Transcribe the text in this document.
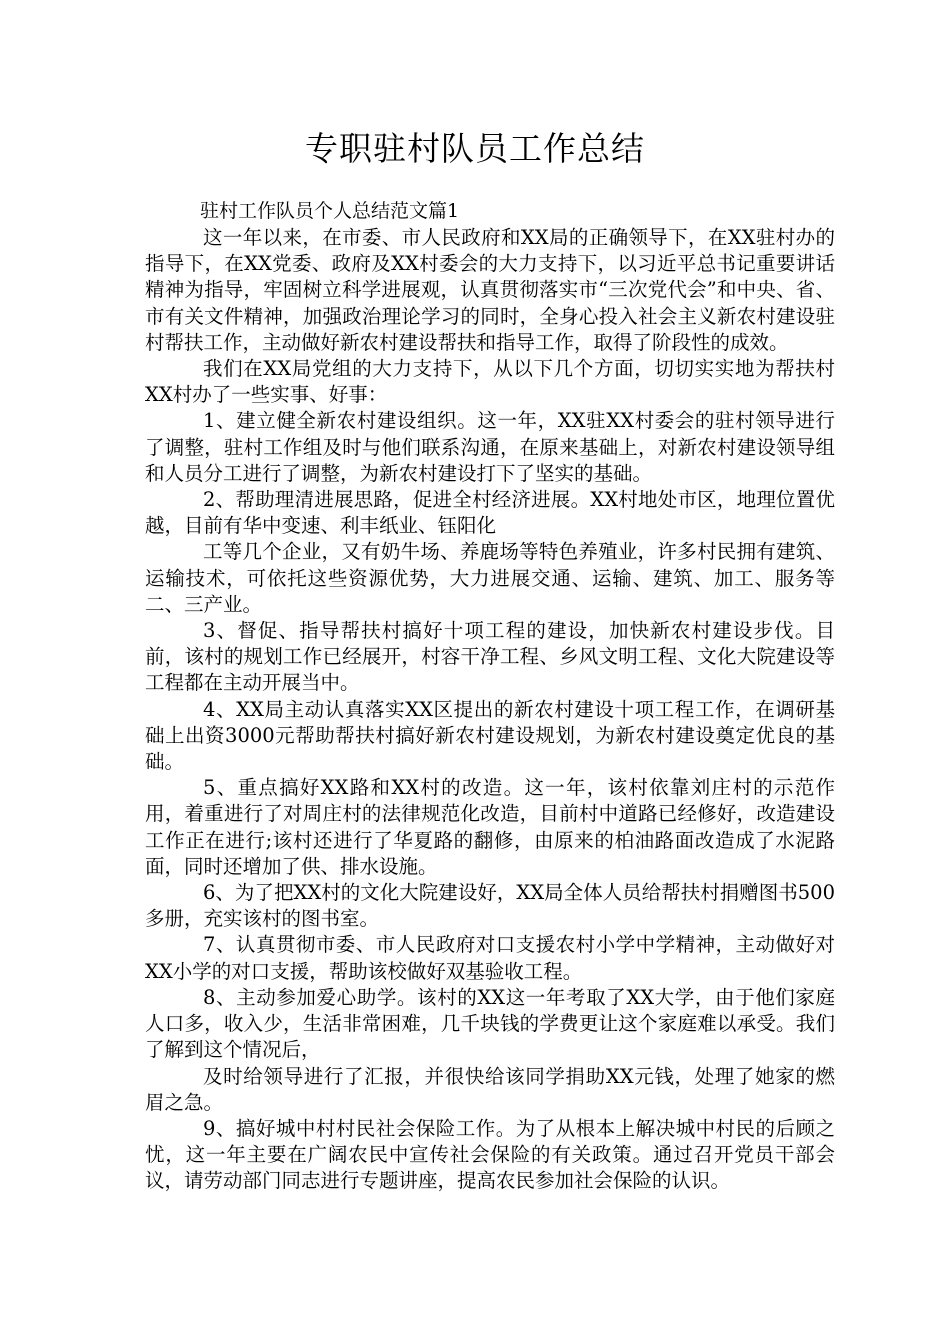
专职驻村队员工作总结

驻村工作队员个人总结范文篇1

这一年以来，在市委、市人民政府和XX局的正确领导下，在XX驻村办的指导下，在XX党委、政府及XX村委会的大力支持下，以习近平总书记重要讲话精神为指导，牢固树立科学进展观，认真贯彻落实市“三次党代会”和中央、省、市有关文件精神，加强政治理论学习的同时，全身心投入社会主义新农村建设驻村帮扶工作，主动做好新农村建设帮扶和指导工作，取得了阶段性的成效。

我们在XX局党组的大力支持下，从以下几个方面，切切实实地为帮扶村XX村办了一些实事、好事：

1、建立健全新农村建设组织。这一年，XX驻XX村委会的驻村领导进行了调整，驻村工作组及时与他们联系沟通，在原来基础上，对新农村建设领导组和人员分工进行了调整，为新农村建设打下了坚实的基础。

2、帮助理清进展思路，促进全村经济进展。XX村地处市区，地理位置优越，目前有华中变速、利丰纸业、钰阳化

工等几个企业，又有奶牛场、养鹿场等特色养殖业，许多村民拥有建筑、运输技术，可依托这些资源优势，大力进展交通、运输、建筑、加工、服务等二、三产业。

3、督促、指导帮扶村搞好十项工程的建设，加快新农村建设步伐。目前，该村的规划工作已经展开，村容干净工程、乡风文明工程、文化大院建设等工程都在主动开展当中。

4、XX局主动认真落实XX区提出的新农村建设十项工程工作，在调研基础上出资3000元帮助帮扶村搞好新农村建设规划，为新农村建设奠定优良的基础。

5、重点搞好XX路和XX村的改造。这一年，该村依靠刘庄村的示范作用，着重进行了对周庄村的法律规范化改造，目前村中道路已经修好，改造建设工作正在进行;该村还进行了华夏路的翻修，由原来的柏油路面改造成了水泥路面，同时还增加了供、排水设施。

6、为了把XX村的文化大院建设好，XX局全体人员给帮扶村捐赠图书500多册，充实该村的图书室。

7、认真贯彻市委、市人民政府对口支援农村小学中学精神，主动做好对XX小学的对口支援，帮助该校做好双基验收工程。

8、主动参加爱心助学。该村的XX这一年考取了XX大学，由于他们家庭人口多，收入少，生活非常困难，几千块钱的学费更让这个家庭难以承受。我们了解到这个情况后，

及时给领导进行了汇报，并很快给该同学捐助XX元钱，处理了她家的燃眉之急。

9、搞好城中村村民社会保险工作。为了从根本上解决城中村民的后顾之忧，这一年主要在广阔农民中宣传社会保险的有关政策。通过召开党员干部会议，请劳动部门同志进行专题讲座，提高农民参加社会保险的认识。
